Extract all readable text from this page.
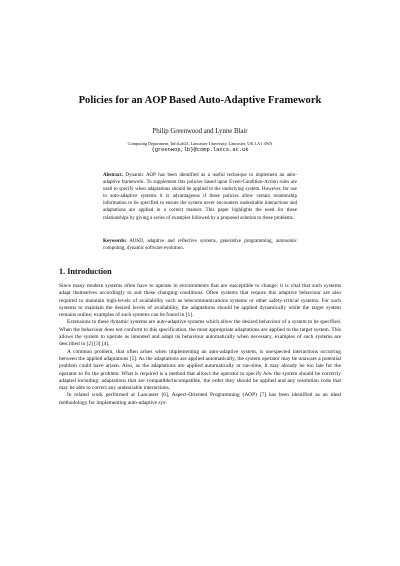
Policies for an AOP Based Auto-Adaptive Framework
Philip Greenwood and Lynne Blair
Computing Department, InfoLab21, Lancaster University, Lancaster, UK LA1 4WA
{greenwop,lb}@comp.lancs.ac.uk
Abstract. Dynamic AOP has been identified as a useful technique to implement an auto-adaptive framework. To supplement this policies based upon Event-Condition-Action rules are used to specify when adaptations should be applied to the underlying system. However, for use in auto-adaptive systems it is advantageous if these policies allow certain relationship information to be specified to ensure the system never encounters undesirable interactions and adaptations are applied in a correct manner. This paper highlights the need for these relationships by giving a series of examples followed by a proposed solution to these problems.
Keywords: AOSD, adaptive and reflective systems, generative programming, autonomic computing, dynamic software evolution.
1. Introduction

Since many modern systems often have to operate in environments that are susceptible to change; it is vital that such systems adapt themselves accordingly to suit these changing conditions. Often systems that require this adaptive behaviour are also required to maintain high-levels of availability such as telecommunications systems or other safety-critical systems. For such systems to maintain the desired levels of availability, the adaptations should be applied dynamically while the target system remains online; examples of such systems can be found in [1].

Extensions to these dynamic systems are auto-adaptive systems which allow the desired behaviour of a system to be specified. When the behaviour does not conform to this specification, the most appropriate adaptations are applied to the target system. This allows the system to operate as intended and adapt its behaviour automatically when necessary, examples of such systems are described in [2] [3] [4].

A common problem, that often arises when implementing an auto-adaptive system, is unexpected interactions occurring between the applied adaptations [5]. As the adaptations are applied automatically, the system operator may be unaware a potential problem could have arisen. Also, as the adaptations are applied automatically at run-time, it may already be too late for the operator to fix the problem. What is required is a method that allows the operator to specify how the system should be correctly adapted including: adaptations that are compatible/incompatible, the order they should be applied and any resolution code that may be able to correct any undesirable interactions.

In related work performed at Lancaster [6], Aspect-Oriented Programming (AOP) [7] has been identified as an ideal methodology for implementing auto-adaptive sys-
